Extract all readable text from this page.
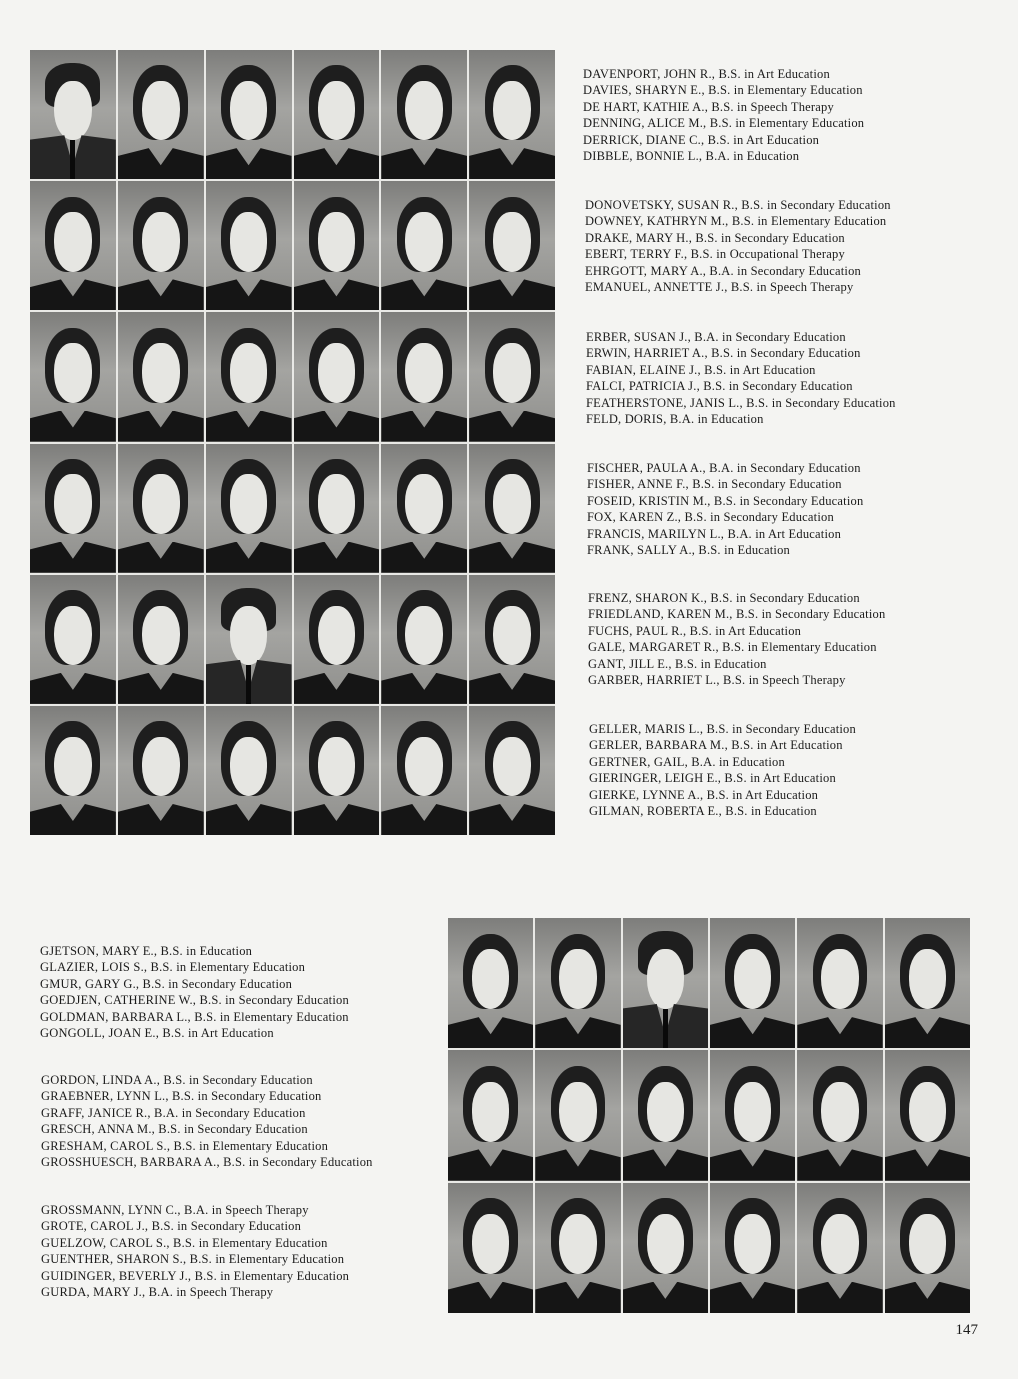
DAVENPORT, JOHN R., B.S. in Art Education
DAVIES, SHARYN E., B.S. in Elementary Education
DE HART, KATHIE A., B.S. in Speech Therapy
DENNING, ALICE M., B.S. in Elementary Education
DERRICK, DIANE C., B.S. in Art Education
DIBBLE, BONNIE L., B.A. in Education
DONOVETSKY, SUSAN R., B.S. in Secondary Education
DOWNEY, KATHRYN M., B.S. in Elementary Education
DRAKE, MARY H., B.S. in Secondary Education
EBERT, TERRY F., B.S. in Occupational Therapy
EHRGOTT, MARY A., B.A. in Secondary Education
EMANUEL, ANNETTE J., B.S. in Speech Therapy
ERBER, SUSAN J., B.A. in Secondary Education
ERWIN, HARRIET A., B.S. in Secondary Education
FABIAN, ELAINE J., B.S. in Art Education
FALCI, PATRICIA J., B.S. in Secondary Education
FEATHERSTONE, JANIS L., B.S. in Secondary Education
FELD, DORIS, B.A. in Education
FISCHER, PAULA A., B.A. in Secondary Education
FISHER, ANNE F., B.S. in Secondary Education
FOSEID, KRISTIN M., B.S. in Secondary Education
FOX, KAREN Z., B.S. in Secondary Education
FRANCIS, MARILYN L., B.A. in Art Education
FRANK, SALLY A., B.S. in Education
FRENZ, SHARON K., B.S. in Secondary Education
FRIEDLAND, KAREN M., B.S. in Secondary Education
FUCHS, PAUL R., B.S. in Art Education
GALE, MARGARET R., B.S. in Elementary Education
GANT, JILL E., B.S. in Education
GARBER, HARRIET L., B.S. in Speech Therapy
GELLER, MARIS L., B.S. in Secondary Education
GERLER, BARBARA M., B.S. in Art Education
GERTNER, GAIL, B.A. in Education
GIERINGER, LEIGH E., B.S. in Art Education
GIERKE, LYNNE A., B.S. in Art Education
GILMAN, ROBERTA E., B.S. in Education
GJETSON, MARY E., B.S. in Education
GLAZIER, LOIS S., B.S. in Elementary Education
GMUR, GARY G., B.S. in Secondary Education
GOEDJEN, CATHERINE W., B.S. in Secondary Education
GOLDMAN, BARBARA L., B.S. in Elementary Education
GONGOLL, JOAN E., B.S. in Art Education
GORDON, LINDA A., B.S. in Secondary Education
GRAEBNER, LYNN L., B.S. in Secondary Education
GRAFF, JANICE R., B.A. in Secondary Education
GRESCH, ANNA M., B.S. in Secondary Education
GRESHAM, CAROL S., B.S. in Elementary Education
GROSSHUESCH, BARBARA A., B.S. in Secondary Education
GROSSMANN, LYNN C., B.A. in Speech Therapy
GROTE, CAROL J., B.S. in Secondary Education
GUELZOW, CAROL S., B.S. in Elementary Education
GUENTHER, SHARON S., B.S. in Elementary Education
GUIDINGER, BEVERLY J., B.S. in Elementary Education
GURDA, MARY J., B.A. in Speech Therapy
147
